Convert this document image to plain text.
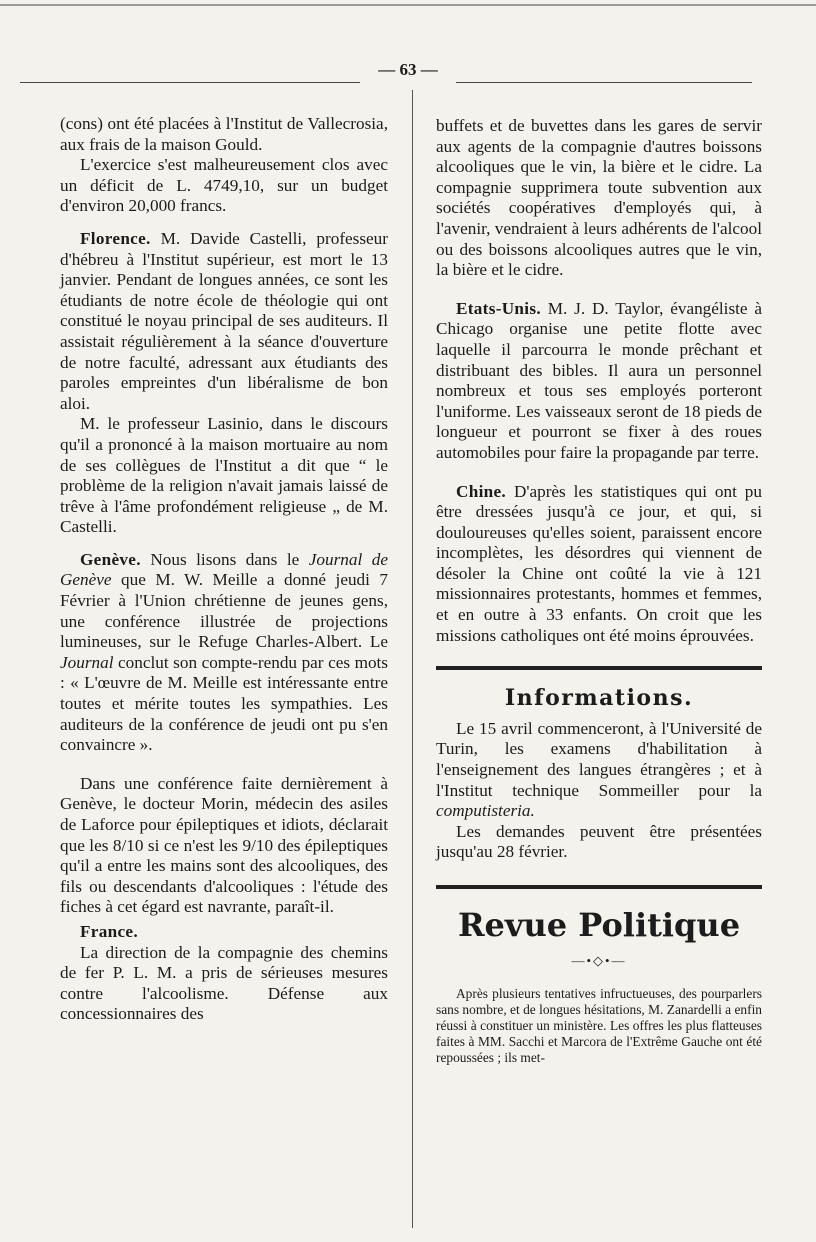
— 63 —

(cons) ont été placées à l'Institut de Vallecrosia, aux frais de la maison Gould.

L'exercice s'est malheureusement clos avec un déficit de L. 4749,10, sur un budget d'environ 20,000 francs.

Florence. M. Davide Castelli, professeur d'hébreu à l'Institut supérieur, est mort le 13 janvier. Pendant de longues années, ce sont les étudiants de notre école de théologie qui ont constitué le noyau principal de ses auditeurs. Il assistait régulièrement à la séance d'ouverture de notre faculté, adressant aux étudiants des paroles empreintes d'un libéralisme de bon aloi.

M. le professeur Lasinio, dans le discours qu'il a prononcé à la maison mortuaire au nom de ses collègues de l'Institut a dit que “ le problème de la religion n'avait jamais laissé de trêve à l'âme profondément religieuse „ de M. Castelli.

Genève. Nous lisons dans le Journal de Genève que M. W. Meille a donné jeudi 7 Février à l'Union chrétienne de jeunes gens, une conférence illustrée de projections lumineuses, sur le Refuge Charles-Albert. Le Journal conclut son compte-rendu par ces mots : « L'œuvre de M. Meille est intéressante entre toutes et mérite toutes les sympathies. Les auditeurs de la conférence de jeudi ont pu s'en convaincre ».

Dans une conférence faite dernièrement à Genève, le docteur Morin, médecin des asiles de Laforce pour épileptiques et idiots, déclarait que les 8/10 si ce n'est les 9/10 des épileptiques qu'il a entre les mains sont des alcooliques, des fils ou descendants d'alcooliques : l'étude des fiches à cet égard est navrante, paraît-il.

France.

La direction de la compagnie des chemins de fer P. L. M. a pris de sérieuses mesures contre l'alcoolisme. Défense aux concessionnaires des

buffets et de buvettes dans les gares de servir aux agents de la compagnie d'autres boissons alcooliques que le vin, la bière et le cidre. La compagnie supprimera toute subvention aux sociétés coopératives d'employés qui, à l'avenir, vendraient à leurs adhérents de l'alcool ou des boissons alcooliques autres que le vin, la bière et le cidre.

Etats-Unis. M. J. D. Taylor, évangéliste à Chicago organise une petite flotte avec laquelle il parcourra le monde prêchant et distribuant des bibles. Il aura un personnel nombreux et tous ses employés porteront l'uniforme. Les vaisseaux seront de 18 pieds de longueur et pourront se fixer à des roues automobiles pour faire la propagande par terre.

Chine. D'après les statistiques qui ont pu être dressées jusqu'à ce jour, et qui, si douloureuses qu'elles soient, paraissent encore incomplètes, les désordres qui viennent de désoler la Chine ont coûté la vie à 121 missionnaires protestants, hommes et femmes, et en outre à 33 enfants. On croit que les missions catholiques ont été moins éprouvées.

Informations.

Le 15 avril commenceront, à l'Université de Turin, les examens d'habilitation à l'enseignement des langues étrangères ; et à l'Institut technique Sommeiller pour la computisteria.

Les demandes peuvent être présentées jusqu'au 28 février.

Revue Politique
—•◇•—

Après plusieurs tentatives infructueuses, des pourparlers sans nombre, et de longues hésitations, M. Zanardelli a enfin réussi à constituer un ministère. Les offres les plus flatteuses faites à MM. Sacchi et Marcora de l'Extrême Gauche ont été repoussées ; ils met-
